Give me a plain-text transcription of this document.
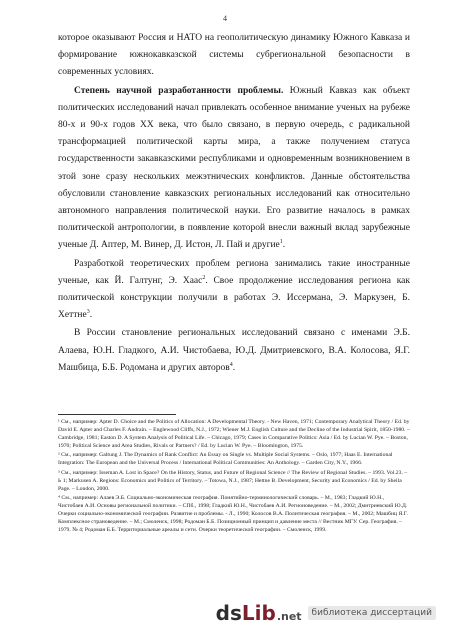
4

которое оказывают Россия и НАТО на геополитическую динамику Южного Кавказа и формирование южнокавказской системы субрегиональной безопасности в современных условиях.

Степень научной разработанности проблемы. Южный Кавказ как объект политических исследований начал привлекать особенное внимание ученых на рубеже 80-х и 90-х годов XX века, что было связано, в первую очередь, с радикальной трансформацией политической карты мира, а также получением статуса государственности закавказскими республиками и одновременным возникновением в этой зоне сразу нескольких межэтнических конфликтов. Данные обстоятельства обусловили становление кавказских региональных исследований как относительно автономного направления политической науки. Его развитие началось в рамках политической антропологии, в появление которой внесли важный вклад зарубежные ученые Д. Аптер, М. Винер, Д. Истон, Л. Пай и другие$^1$.

Разработкой теоретических проблем региона занимались такие иностранные ученые, как Й. Галтунг, Э. Хаас$^2$. Свое продолжение исследования региона как политической конструкции получили в работах Э. Иссермана, Э. Маркузен, Б. Хеттне$^3$.

В России становление региональных исследований связано с именами Э.Б. Алаева, Ю.Н. Гладкого, А.И. Чистобаева, Ю.Д. Дмитриевского, В.А. Колосова, Я.Г. Машбица, Б.Б. Родомана и других авторов$^4$.

¹ См., например: Apter D. Choice and the Politics of Allocation: A Developmental Theory. - New Haven, 1971; Contemporary Analytical Theory / Ed. by David E. Apter and Charles F. Andrain. – Englewood Cliffs, N.J., 1972; Wiener M.J. English Culture and the Decline of the Industrial Spirit, 1850-1980. – Cambridge, 1981; Easton D. A System Analysis of Political Life. – Chicago, 1979; Cases in Comparative Politics: Asia / Ed. by Lucian W. Pye. – Boston, 1970; Political Science and Area Studies, Rivals or Partners? / Ed. by Lucian W. Pye. – Bloomington, 1975.

² См., например: Galtung J. The Dynamics of Rank Conflict: An Essay on Single vs. Multiple Social Systems. – Oslo, 1977; Haas E. International Integration: The European and the Universal Process / International Political Communities: An Anthology. – Garden City, N.Y., 1966.

³ См., например: Isseman A. Lost in Space? On the History, Status, and Future of Regional Science // The Review of Regional Studies. – 1993. Vol.23. – Ь 1; Markusen A. Regions: Economics and Politics of Territory. – Totowa, N.J., 1987; Hettne B. Development, Security and Economics / Ed. by Sheila Page. – London, 2000.

⁴ См., например: Алаев Э.Б. Социально-экономическая география. Понятийно-терминологический словарь. – М., 1983; Гладкий Ю.Н., Чистобаев А.И. Основы региональной политики. – СПб., 1998; Гладкий Ю.Н., Чистобаев А.И. Регионоведение. – М., 2002; Дмитриевский Ю.Д. Очерки социально-экономической географии. Развитие и проблемы. - Л., 1990; Колосов В.А. Политическая география. – М., 2002; Машбиц Я.Г. Комплексное страноведение. – М.; Смоленск, 1998; Родоман Б.Б. Позиционный принцип и давление места // Вестник МГУ. Сер. География. – 1979. № 4; Родоман Б.Б. Территориальные ареалы и сети. Очерки теоретической географии. – Смоленск, 1999.

ds Lib .net	библиотека диссертаций
